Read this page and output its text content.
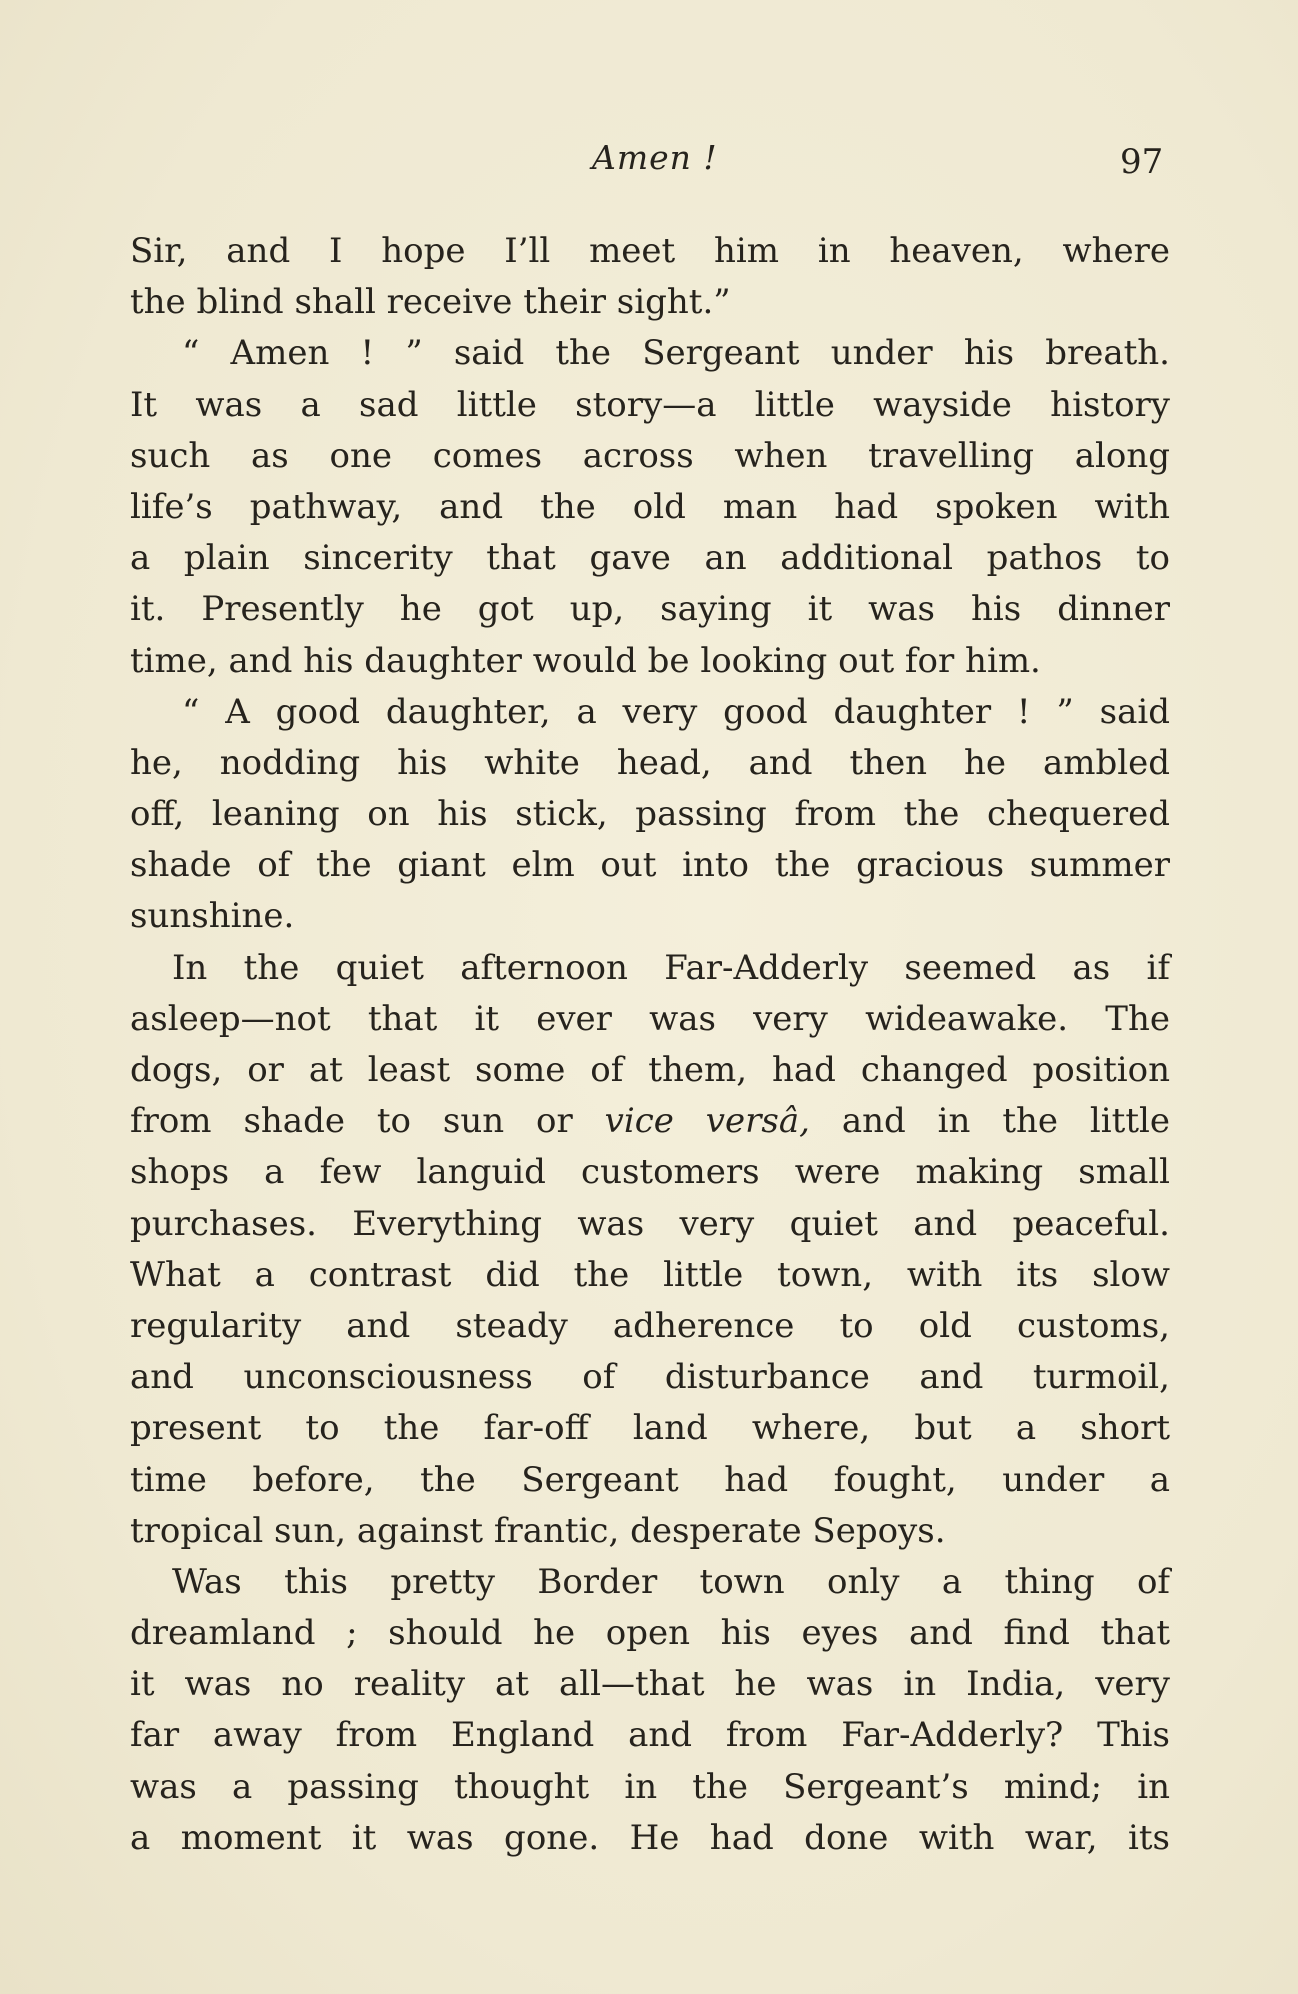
Amen !	97
Sir, and I hope I’ll meet him in heaven, where
the blind shall receive their sight.”
“ Amen ! ” said the Sergeant under his breath.
It was a sad little story—a little wayside history
such as one comes across when travelling along
life’s pathway, and the old man had spoken with
a plain sincerity that gave an additional pathos to
it. Presently he got up, saying it was his dinner
time, and his daughter would be looking out for him.
“ A good daughter, a very good daughter ! ” said
he, nodding his white head, and then he ambled
off, leaning on his stick, passing from the chequered
shade of the giant elm out into the gracious summer
sunshine.
In the quiet afternoon Far-Adderly seemed as if
asleep—not that it ever was very wideawake. The
dogs, or at least some of them, had changed position
from shade to sun or vice versâ, and in the little
shops a few languid customers were making small
purchases. Everything was very quiet and peaceful.
What a contrast did the little town, with its slow
regularity and steady adherence to old customs,
and unconsciousness of disturbance and turmoil,
present to the far-off land where, but a short
time before, the Sergeant had fought, under a
tropical sun, against frantic, desperate Sepoys.
Was this pretty Border town only a thing of
dreamland ; should he open his eyes and find that
it was no reality at all—that he was in India, very
far away from England and from Far-Adderly? This
was a passing thought in the Sergeant’s mind; in
a moment it was gone. He had done with war, its
